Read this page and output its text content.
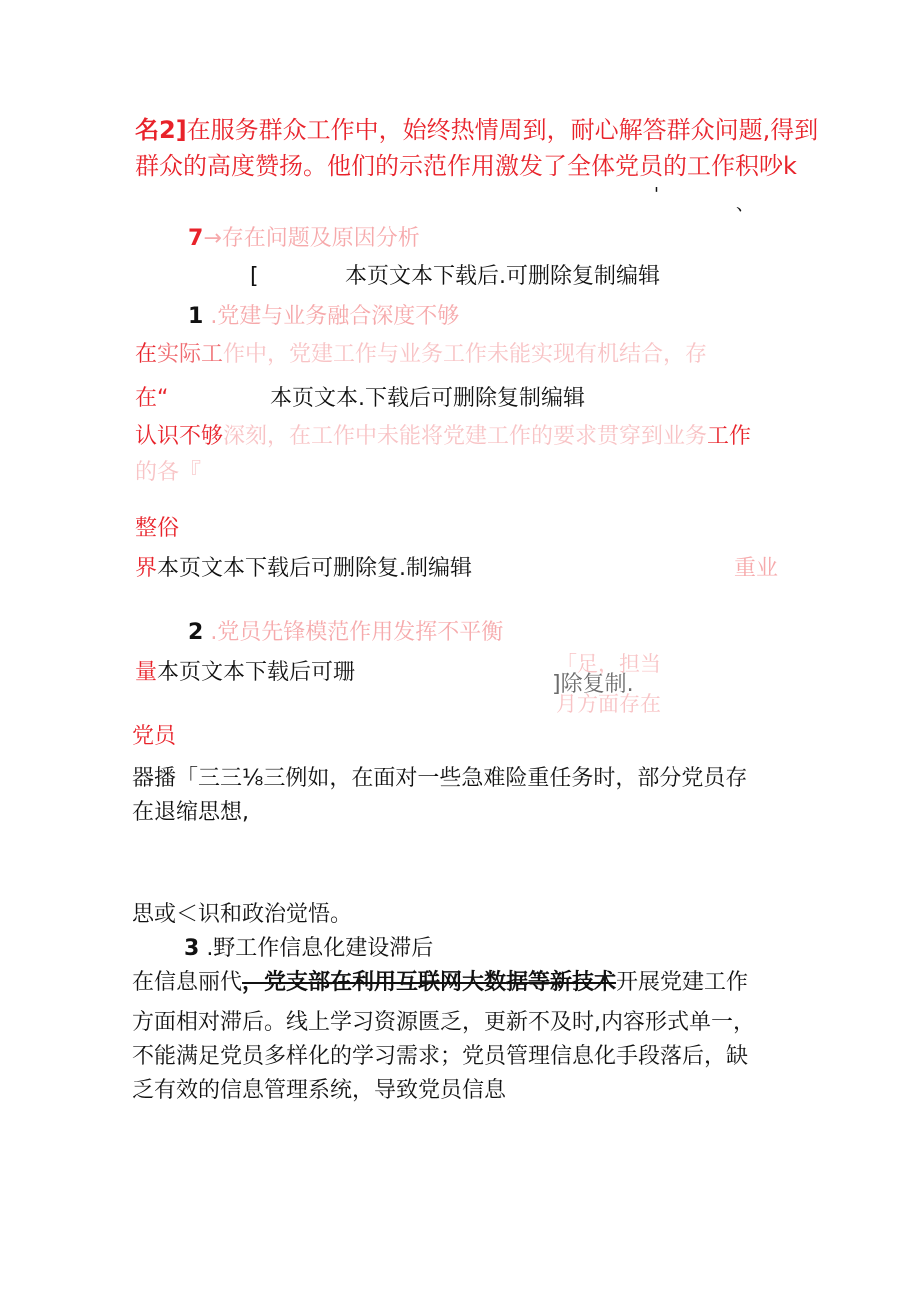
名2]在服务群众工作中，始终热情周到，耐心解答群众问题,得到
群众的高度赞扬。他们的示范作用激发了全体党员的工作积吵k
'	、
7→存在问题及原因分析
[	本页文本下载后.可删除复制编辑
1 .党建与业务融合深度不够
在实际工作中，党建工作与业务工作未能实现有机结合，存
在“	本页文本.下载后可删除复制编辑
认识不够深刻，在工作中未能将党建工作的要求贯穿到业务工作
的各『
整俗
界本页文本下载后可删除复.制编辑	重业
2 .党员先锋模范作用发挥不平衡
量本页文本下载后可珊	「足，担当
]除复制.
月方面存在
党员
器播「三三⅛三例如，在面对一些急难险重任务时，部分党员存
在退缩思想,
思或＜识和政治觉悟。
3 .野工作信息化建设滞后
在信息丽代，党支部在利用互联网大数据等新技术开展党建工作
方面相对滞后。线上学习资源匮乏，更新不及时,内容形式单一，
不能满足党员多样化的学习需求；党员管理信息化手段落后，缺
乏有效的信息管理系统，导致党员信息
